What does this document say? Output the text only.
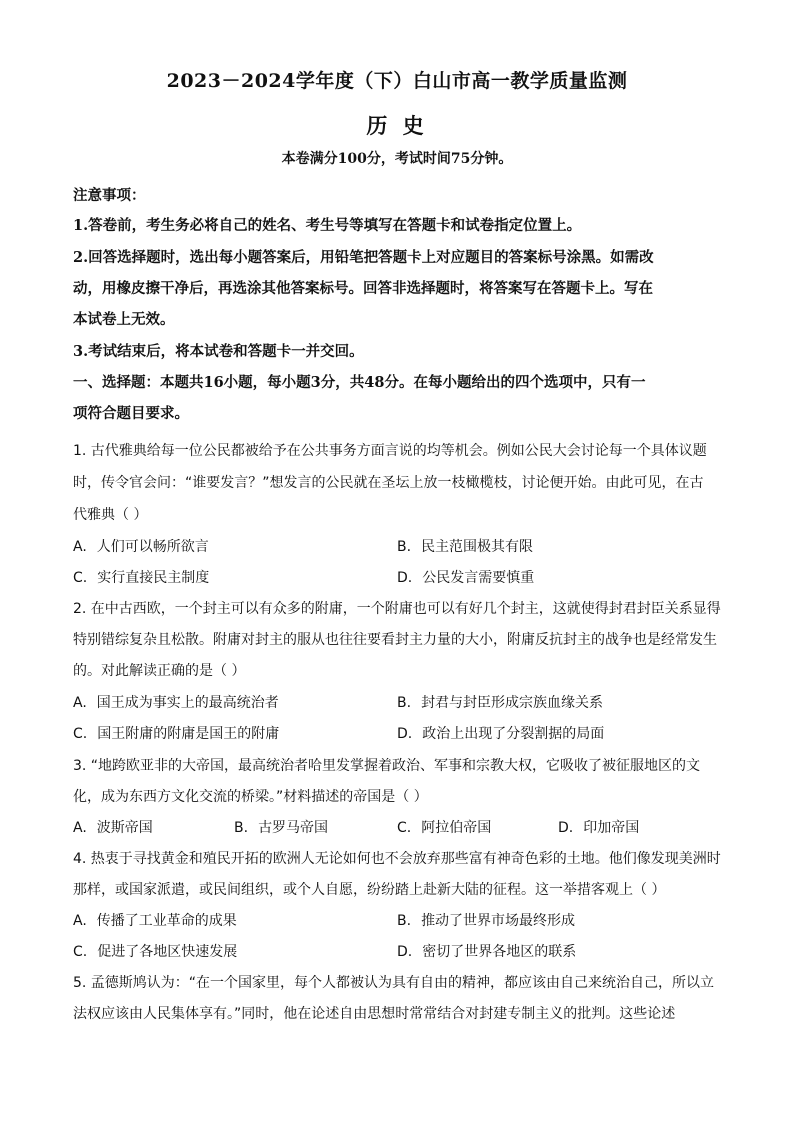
2023－2024学年度（下）白山市高一教学质量监测
历 史
本卷满分100分，考试时间75分钟。
注意事项：
1.答卷前，考生务必将自己的姓名、考生号等填写在答题卡和试卷指定位置上。
2.回答选择题时，选出每小题答案后，用铅笔把答题卡上对应题目的答案标号涂黑。如需改
动，用橡皮擦干净后，再选涂其他答案标号。回答非选择题时，将答案写在答题卡上。写在
本试卷上无效。
3.考试结束后，将本试卷和答题卡一并交回。
一、选择题：本题共16小题，每小题3分，共48分。在每小题给出的四个选项中，只有一
项符合题目要求。
1. 古代雅典给每一位公民都被给予在公共事务方面言说的均等机会。例如公民大会讨论每一个具体议题
时，传令官会问：“谁要发言？”想发言的公民就在圣坛上放一枝橄榄枝，讨论便开始。由此可见，在古
代雅典（ ）
A. 人们可以畅所欲言	B. 民主范围极其有限
C. 实行直接民主制度	D. 公民发言需要慎重
2. 在中古西欧，一个封主可以有众多的附庸，一个附庸也可以有好几个封主，这就使得封君封臣关系显得
特别错综复杂且松散。附庸对封主的服从也往往要看封主力量的大小，附庸反抗封主的战争也是经常发生
的。对此解读正确的是（ ）
A. 国王成为事实上的最高统治者	B. 封君与封臣形成宗族血缘关系
C. 国王附庸的附庸是国王的附庸	D. 政治上出现了分裂割据的局面
3. “地跨欧亚非的大帝国，最高统治者哈里发掌握着政治、军事和宗教大权，它吸收了被征服地区的文
化，成为东西方文化交流的桥梁。”材料描述的帝国是（ ）
A. 波斯帝国	B. 古罗马帝国	C. 阿拉伯帝国	D. 印加帝国
4. 热衷于寻找黄金和殖民开拓的欧洲人无论如何也不会放弃那些富有神奇色彩的土地。他们像发现美洲时
那样，或国家派遣，或民间组织，或个人自愿，纷纷踏上赴新大陆的征程。这一举措客观上（ ）
A. 传播了工业革命的成果	B. 推动了世界市场最终形成
C. 促进了各地区快速发展	D. 密切了世界各地区的联系
5. 孟德斯鸠认为：“在一个国家里，每个人都被认为具有自由的精神，都应该由自己来统治自己，所以立
法权应该由人民集体享有。”同时，他在论述自由思想时常常结合对封建专制主义的批判。这些论述
